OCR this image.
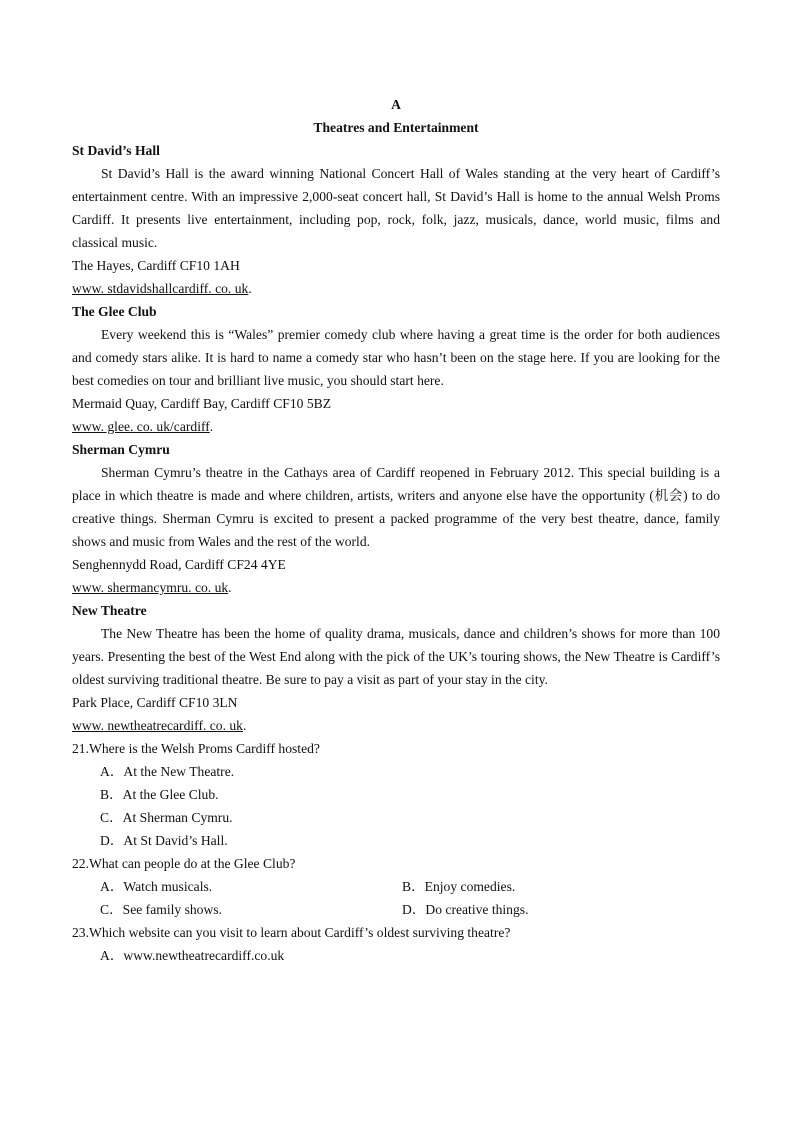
A
Theatres and Entertainment
St David’s Hall
St David’s Hall is the award winning National Concert Hall of Wales standing at the very heart of Cardiff’s entertainment centre. With an impressive 2,000-seat concert hall, St David’s Hall is home to the annual Welsh Proms Cardiff. It presents live entertainment, including pop, rock, folk, jazz, musicals, dance, world music, films and classical music.
The Hayes, Cardiff CF10 1AH
www. stdavidshallcardiff. co. uk.
The Glee Club
Every weekend this is “Wales” premier comedy club where having a great time is the order for both audiences and comedy stars alike. It is hard to name a comedy star who hasn’t been on the stage here. If you are looking for the best comedies on tour and brilliant live music, you should start here.
Mermaid Quay, Cardiff Bay, Cardiff CF10 5BZ
www. glee. co. uk/cardiff.
Sherman Cymru
Sherman Cymru’s theatre in the Cathays area of Cardiff reopened in February 2012. This special building is a place in which theatre is made and where children, artists, writers and anyone else have the opportunity (机会) to do creative things. Sherman Cymru is excited to present a packed programme of the very best theatre, dance, family shows and music from Wales and the rest of the world.
Senghennydd Road, Cardiff CF24 4YE
www. shermancymru. co. uk.
New Theatre
The New Theatre has been the home of quality drama, musicals, dance and children’s shows for more than 100 years. Presenting the best of the West End along with the pick of the UK’s touring shows, the New Theatre is Cardiff’s oldest surviving traditional theatre. Be sure to pay a visit as part of your stay in the city.
Park Place, Cardiff CF10 3LN
www. newtheatrecardiff. co. uk.
21.Where is the Welsh Proms Cardiff hosted?
A．At the New Theatre.
B．At the Glee Club.
C．At Sherman Cymru.
D．At St David’s Hall.
22.What can people do at the Glee Club?
A．Watch musicals.	B．Enjoy comedies.
C．See family shows.	D．Do creative things.
23.Which website can you visit to learn about Cardiff’s oldest surviving theatre?
A．www.newtheatrecardiff.co.uk
